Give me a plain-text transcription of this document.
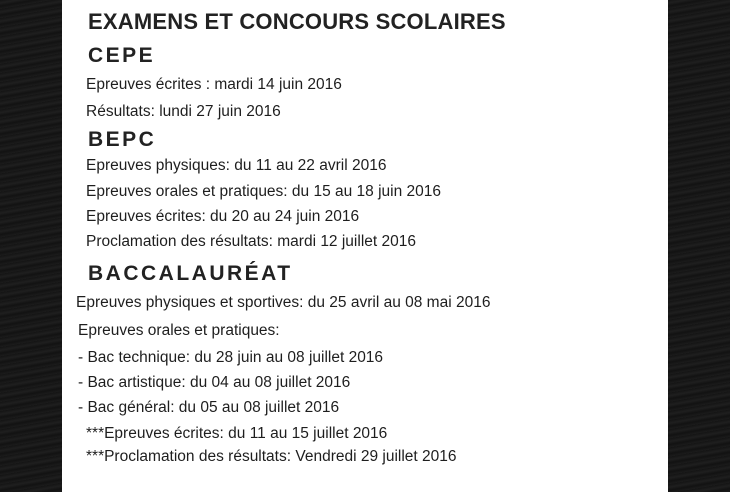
EXAMENS ET CONCOURS SCOLAIRES
CEPE
Epreuves écrites : mardi 14 juin 2016
Résultats: lundi 27 juin 2016
BEPC
Epreuves physiques: du 11 au 22 avril 2016
Epreuves orales et pratiques: du 15 au 18 juin 2016
Epreuves écrites: du 20 au 24 juin 2016
Proclamation des résultats: mardi 12 juillet 2016
BACCALAURÉAT
Epreuves physiques et sportives: du 25 avril au 08 mai 2016
Epreuves orales et pratiques:
- Bac technique: du 28 juin au 08 juillet 2016
- Bac artistique: du 04 au 08 juillet 2016
- Bac général: du 05 au 08 juillet 2016
***Epreuves écrites: du 11 au 15 juillet 2016
***Proclamation des résultats: Vendredi 29 juillet 2016
